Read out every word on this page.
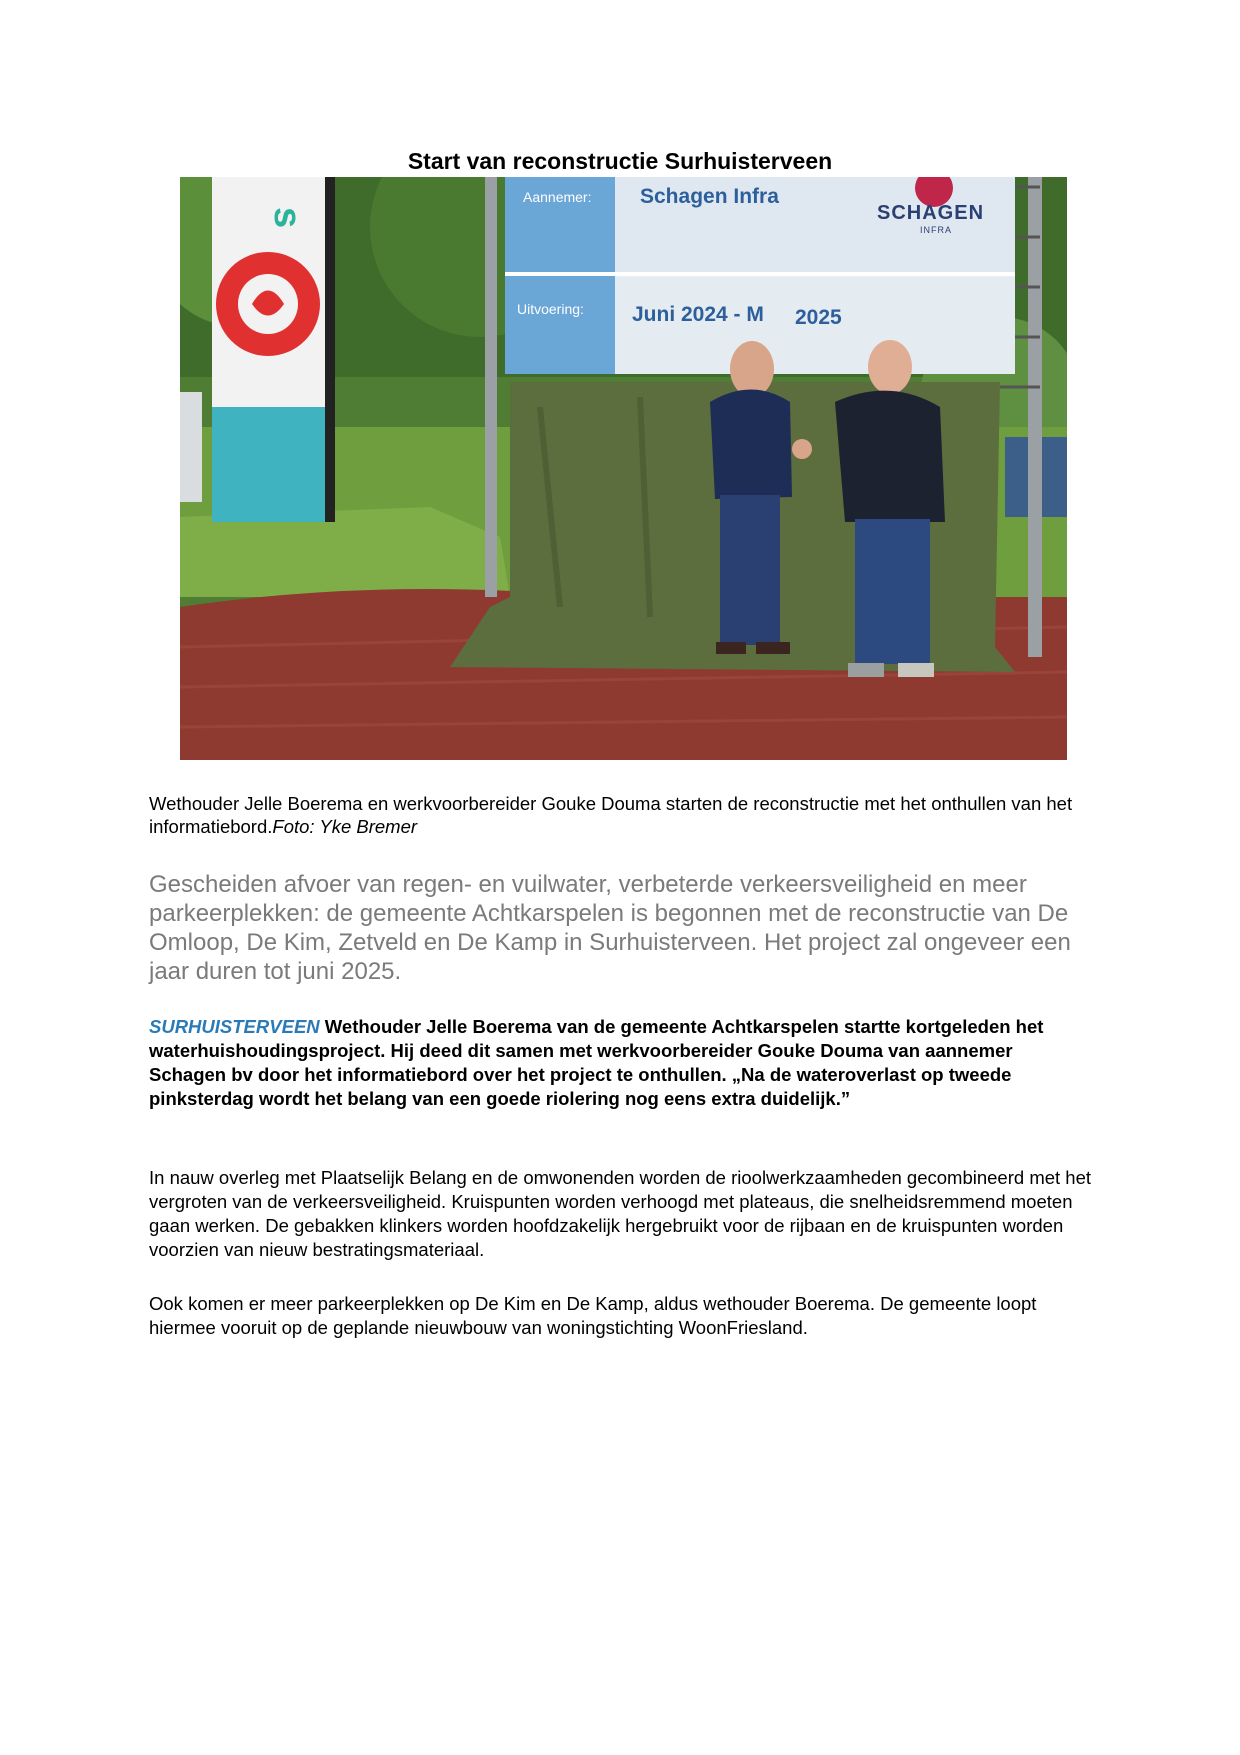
Start van reconstructie Surhuisterveen
s
Aannemer: Schagen Infra
Uitvoering: Juni 2024 - M 2025
SCHAGEN
INFRA

Wethouder Jelle Boerema en werkvoorbereider Gouke Douma starten de reconstructie met het onthullen van het informatiebord.Foto: Yke Bremer

Gescheiden afvoer van regen- en vuilwater, verbeterde verkeersveiligheid en meer parkeerplekken: de gemeente Achtkarspelen is begonnen met de reconstructie van De Omloop, De Kim, Zetveld en De Kamp in Surhuisterveen. Het project zal ongeveer een jaar duren tot juni 2025.

SURHUISTERVEEN Wethouder Jelle Boerema van de gemeente Achtkarspelen startte kortgeleden het waterhuishoudingsproject. Hij deed dit samen met werkvoorbereider Gouke Douma van aannemer Schagen bv door het informatiebord over het project te onthullen. „Na de wateroverlast op tweede pinksterdag wordt het belang van een goede riolering nog eens extra duidelijk.”

In nauw overleg met Plaatselijk Belang en de omwonenden worden de rioolwerkzaamheden gecombineerd met het vergroten van de verkeersveiligheid. Kruispunten worden verhoogd met plateaus, die snelheidsremmend moeten gaan werken. De gebakken klinkers worden hoofdzakelijk hergebruikt voor de rijbaan en de kruispunten worden voorzien van nieuw bestratingsmateriaal.

Ook komen er meer parkeerplekken op De Kim en De Kamp, aldus wethouder Boerema. De gemeente loopt hiermee vooruit op de geplande nieuwbouw van woningstichting WoonFriesland.
